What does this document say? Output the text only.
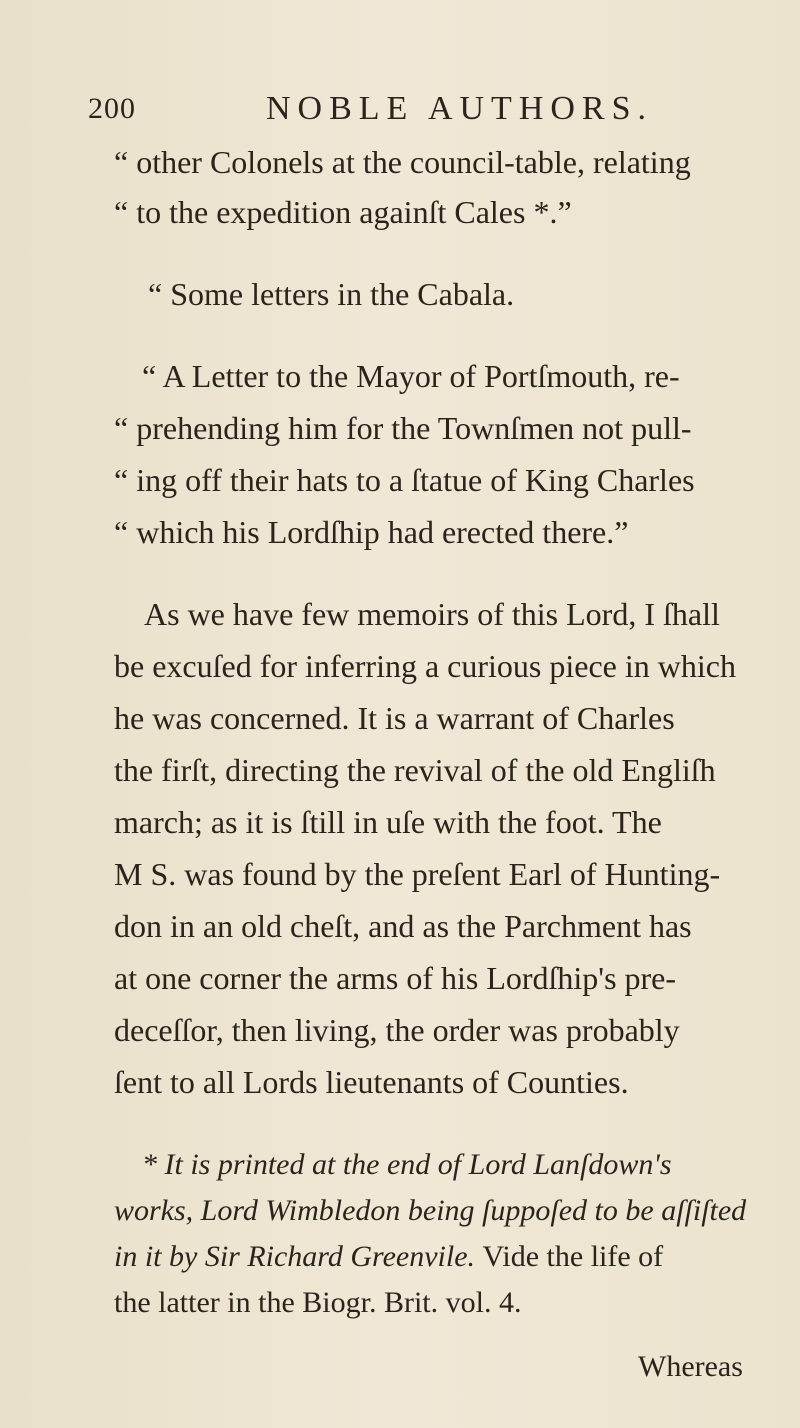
200	NOBLE AUTHORS.
“ other Colonels at the council-table, relating
“ to the expedition againſt Cales *.”
“ Some letters in the Cabala.
“ A Letter to the Mayor of Portſmouth, re-
“ prehending him for the Townſmen not pull-
“ ing off their hats to a ſtatue of King Charles
“ which his Lordſhip had erected there.”
As we have few memoirs of this Lord, I ſhall
be excuſed for inferring a curious piece in which
he was concerned. It is a warrant of Charles
the firſt, directing the revival of the old Engliſh
march; as it is ſtill in uſe with the foot. The
M S. was found by the preſent Earl of Hunting-
don in an old cheſt, and as the Parchment has
at one corner the arms of his Lordſhip's pre-
deceſſor, then living, the order was probably
ſent to all Lords lieutenants of Counties.
* It is printed at the end of Lord Lanſdown's
works, Lord Wimbledon being ſuppoſed to be aſſiſted
in it by Sir Richard Greenvile. Vide the life of
the latter in the Biogr. Brit. vol. 4.
Whereas
